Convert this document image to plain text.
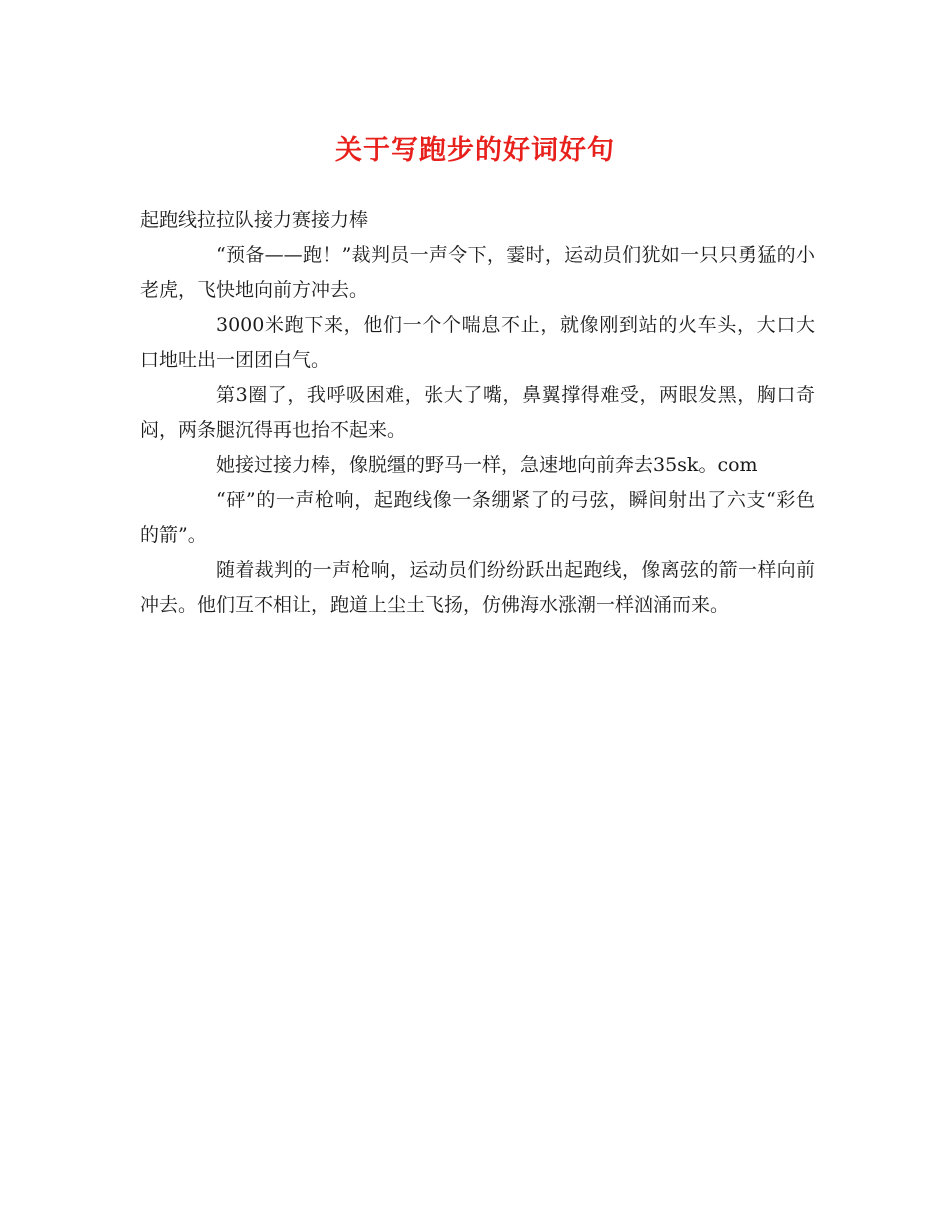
关于写跑步的好词好句

起跑线拉拉队接力赛接力棒

“预备——跑！”裁判员一声令下，霎时，运动员们犹如一只只勇猛的小老虎，飞快地向前方冲去。

3000米跑下来，他们一个个喘息不止，就像刚到站的火车头，大口大口地吐出一团团白气。

第3圈了，我呼吸困难，张大了嘴，鼻翼撑得难受，两眼发黑，胸口奇闷，两条腿沉得再也抬不起来。

她接过接力棒，像脱缰的野马一样，急速地向前奔去35sk。com

“砰”的一声枪响，起跑线像一条绷紧了的弓弦，瞬间射出了六支“彩色的箭”。

随着裁判的一声枪响，运动员们纷纷跃出起跑线，像离弦的箭一样向前冲去。他们互不相让，跑道上尘土飞扬，仿佛海水涨潮一样汹涌而来。
